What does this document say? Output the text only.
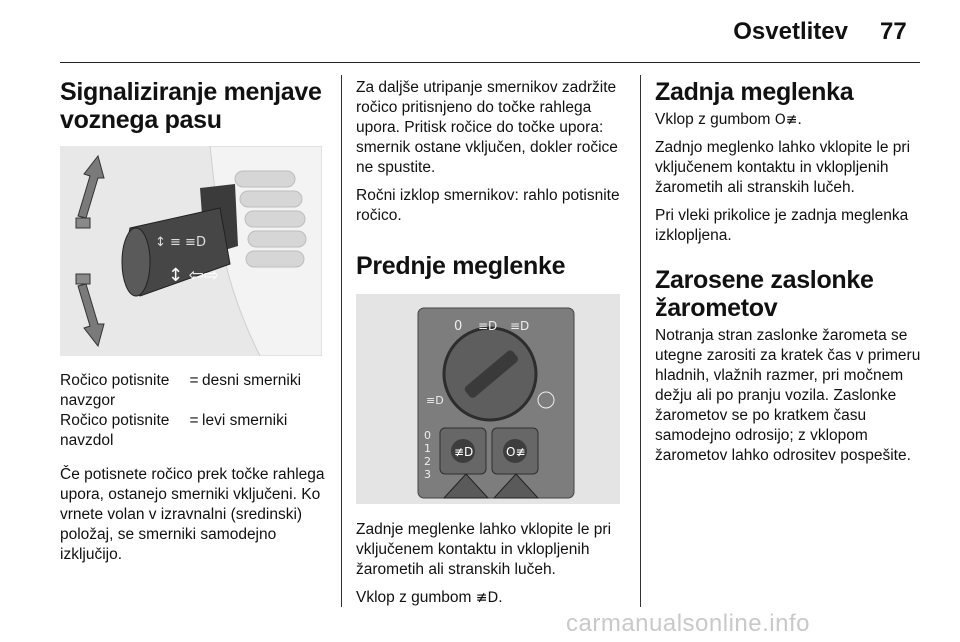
Osvetlitev 77
Signaliziranje menjave voznega pasu
↕ ≡ ≡D
↕ ⇦⇨
Ročico potisnite navzgor
= desni smerniki
Ročico potisnite navzdol
= levi smerniki

Če potisnete ročico prek točke rahlega upora, ostanejo smerniki vključeni. Ko vrnete volan v izravnalni (sredinski) položaj, se smerniki samodejno izključijo.

Za daljše utripanje smernikov zadržite ročico pritisnjeno do točke rahlega upora. Pritisk ročice do točke upora: smernik ostane vključen, dokler ročice ne spustite.

Ročni izklop smernikov: rahlo potisnite ročico.

Prednje meglenke
0 ≡D ≡D
≡D
≢D	O≢
0
1
2
3

Zadnje meglenke lahko vklopite le pri vključenem kontaktu in vklopljenih žarometih ali stranskih lučeh.

Vklop z gumbom ≢D.

Zadnja meglenka

Vklop z gumbom O≢.

Zadnjo meglenko lahko vklopite le pri vključenem kontaktu in vklopljenih žarometih ali stranskih lučeh.

Pri vleki prikolice je zadnja meglenka izklopljena.

Zarosene zaslonke žarometov

Notranja stran zaslonke žarometa se utegne zarositi za kratek čas v primeru hladnih, vlažnih razmer, pri močnem dežju ali po pranju vozila. Zaslonke žarometov se po kratkem času samodejno odrosijo; z vklopom žarometov lahko odrositev pospešite.

carmanualsonline.info
